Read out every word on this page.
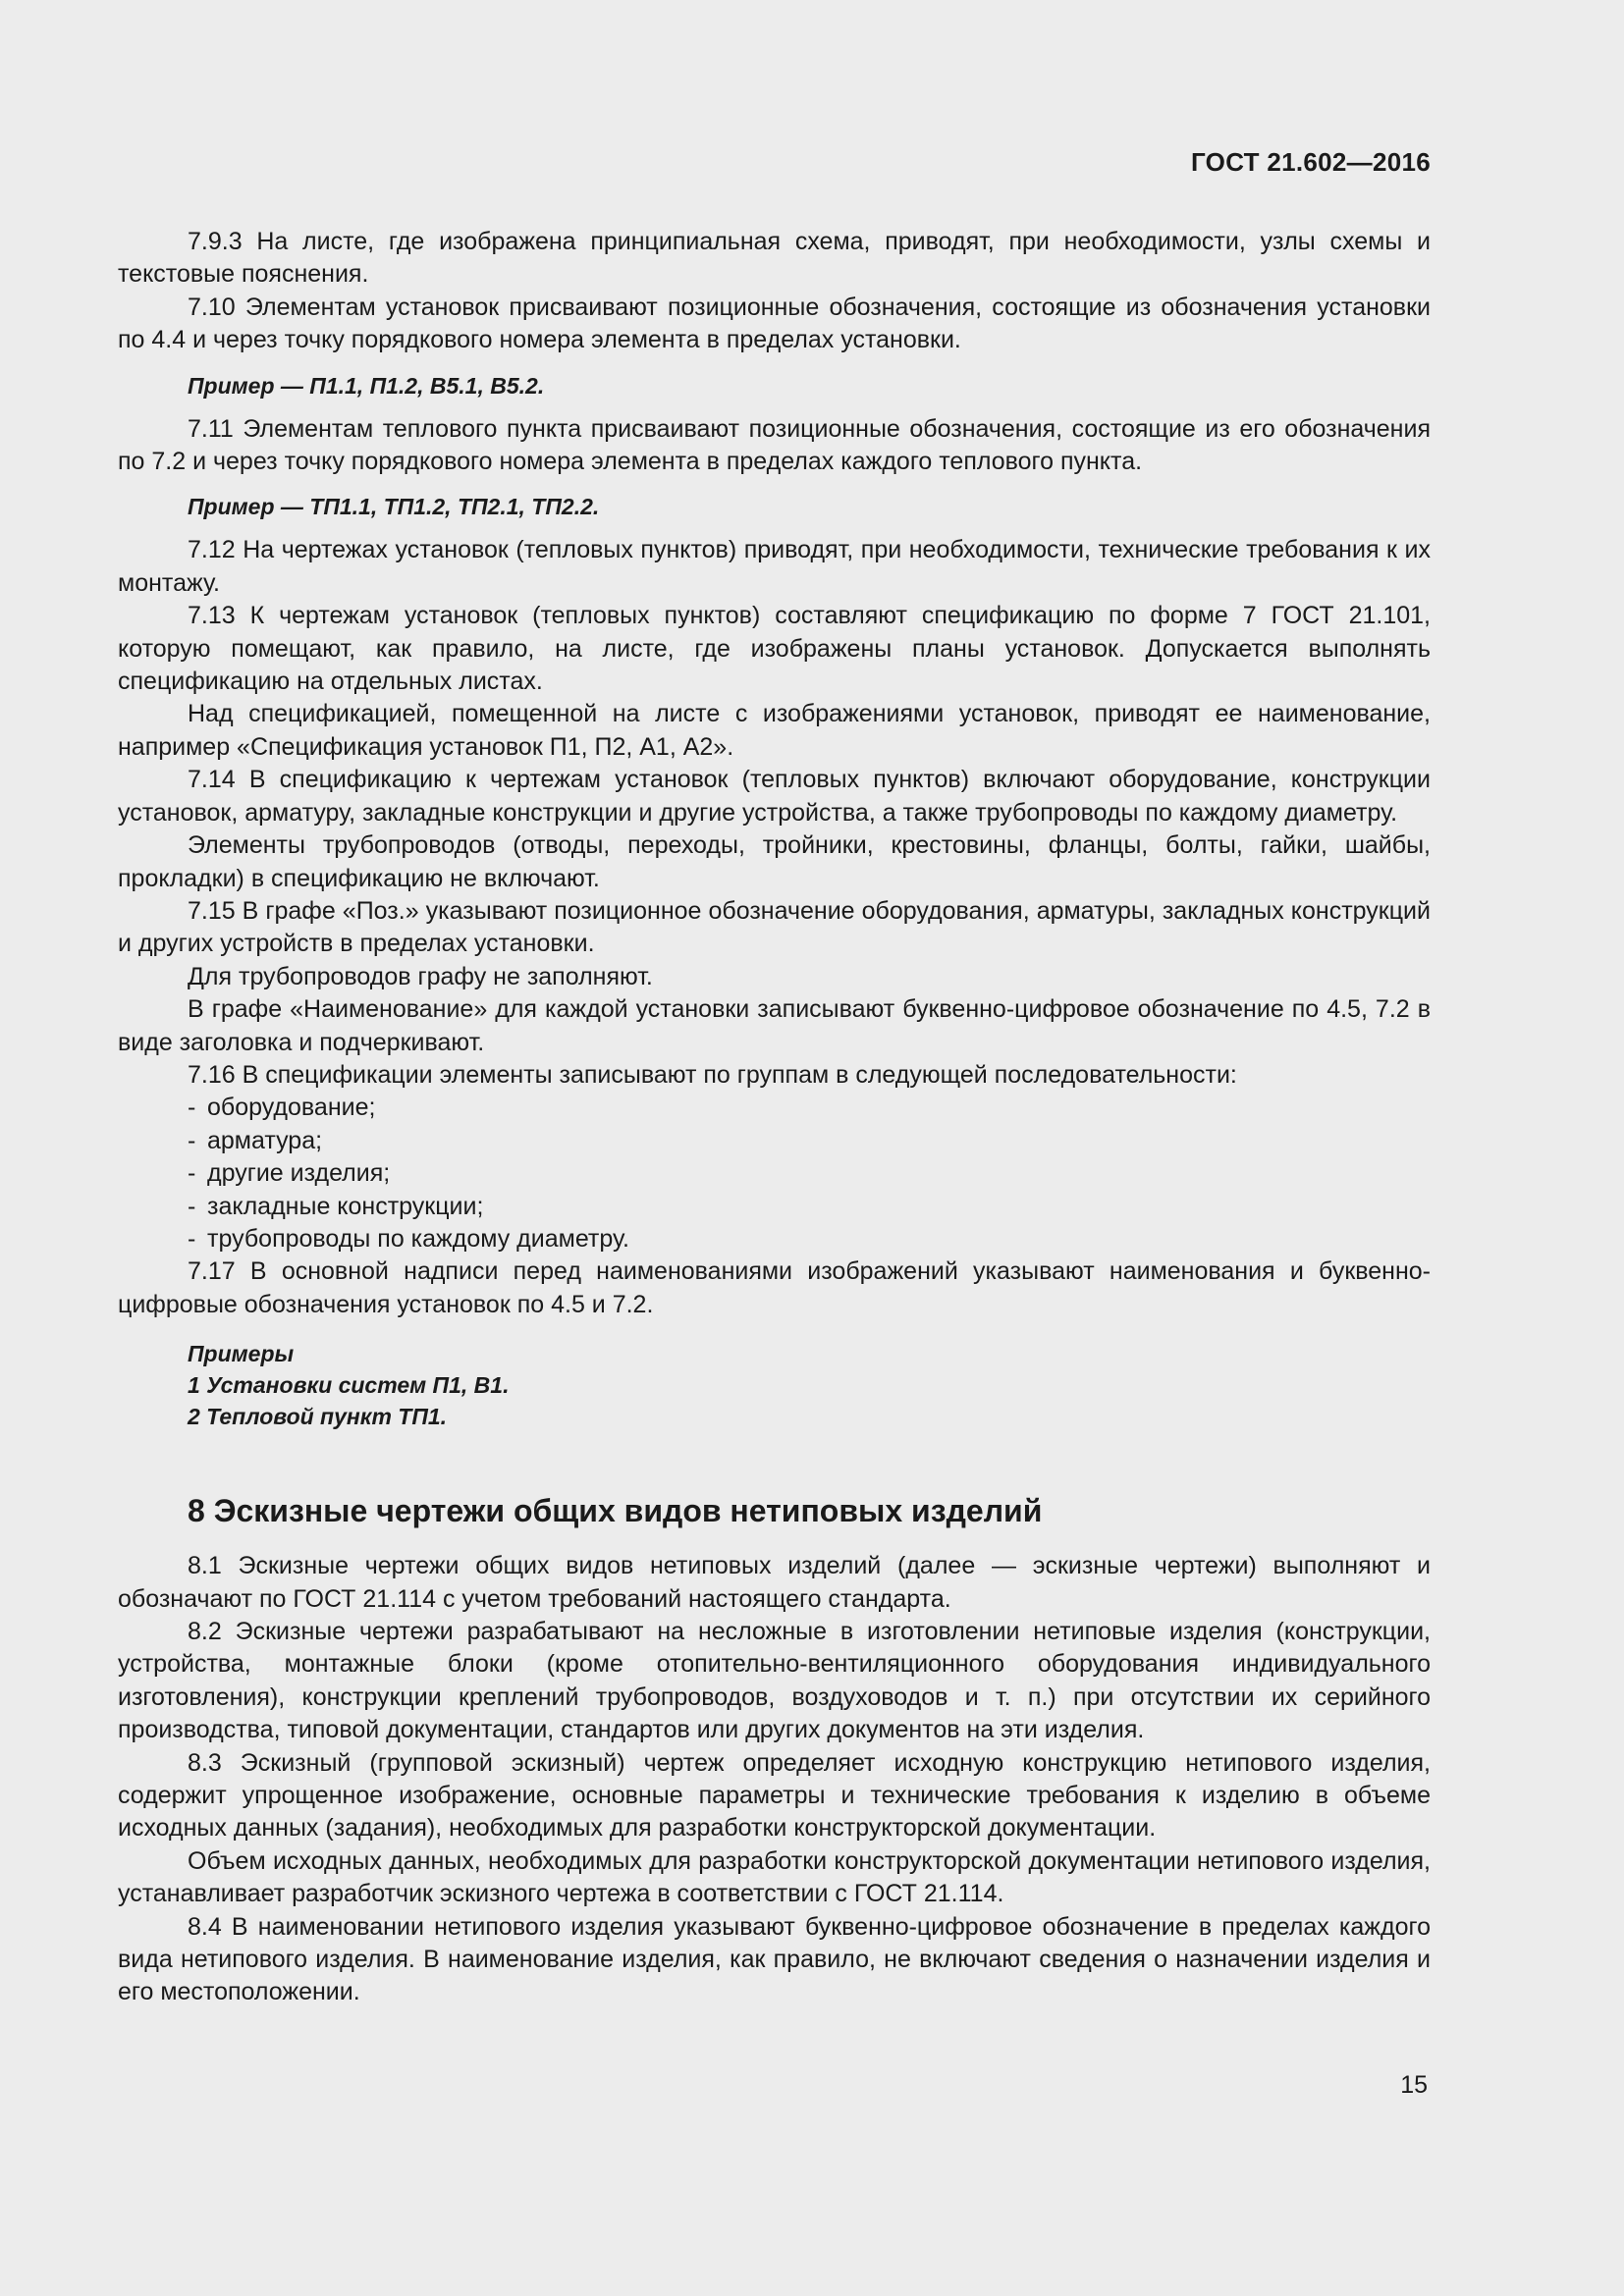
ГОСТ 21.602—2016

7.9.3 На листе, где изображена принципиальная схема, приводят, при необходимости, узлы схемы и текстовые пояснения.

7.10 Элементам установок присваивают позиционные обозначения, состоящие из обозначения установки по 4.4 и через точку порядкового номера элемента в пределах установки.

Пример — П1.1, П1.2, В5.1, В5.2.

7.11 Элементам теплового пункта присваивают позиционные обозначения, состоящие из его обозначения по 7.2 и через точку порядкового номера элемента в пределах каждого теплового пункта.

Пример — ТП1.1, ТП1.2, ТП2.1, ТП2.2.

7.12 На чертежах установок (тепловых пунктов) приводят, при необходимости, технические требования к их монтажу.

7.13 К чертежам установок (тепловых пунктов) составляют спецификацию по форме 7 ГОСТ 21.101, которую помещают, как правило, на листе, где изображены планы установок. Допускается выполнять спецификацию на отдельных листах.

Над спецификацией, помещенной на листе с изображениями установок, приводят ее наименование, например «Спецификация установок П1, П2, А1, А2».

7.14 В спецификацию к чертежам установок (тепловых пунктов) включают оборудование, конструкции установок, арматуру, закладные конструкции и другие устройства, а также трубопроводы по каждому диаметру.

Элементы трубопроводов (отводы, переходы, тройники, крестовины, фланцы, болты, гайки, шайбы, прокладки) в спецификацию не включают.

7.15 В графе «Поз.» указывают позиционное обозначение оборудования, арматуры, закладных конструкций и других устройств в пределах установки.

Для трубопроводов графу не заполняют.

В графе «Наименование» для каждой установки записывают буквенно-цифровое обозначение по 4.5, 7.2 в виде заголовка и подчеркивают.

7.16 В спецификации элементы записывают по группам в следующей последовательности:

- оборудование;
- арматура;
- другие изделия;
- закладные конструкции;
- трубопроводы по каждому диаметру.

7.17 В основной надписи перед наименованиями изображений указывают наименования и буквенно-цифровые обозначения установок по 4.5 и 7.2.

Примеры
1 Установки систем П1, В1.
2 Тепловой пункт ТП1.
8 Эскизные чертежи общих видов нетиповых изделий

8.1 Эскизные чертежи общих видов нетиповых изделий (далее — эскизные чертежи) выполняют и обозначают по ГОСТ 21.114 с учетом требований настоящего стандарта.

8.2 Эскизные чертежи разрабатывают на несложные в изготовлении нетиповые изделия (конструкции, устройства, монтажные блоки (кроме отопительно-вентиляционного оборудования индивидуального изготовления), конструкции креплений трубопроводов, воздуховодов и т. п.) при отсутствии их серийного производства, типовой документации, стандартов или других документов на эти изделия.

8.3 Эскизный (групповой эскизный) чертеж определяет исходную конструкцию нетипового изделия, содержит упрощенное изображение, основные параметры и технические требования к изделию в объеме исходных данных (задания), необходимых для разработки конструкторской документации.

Объем исходных данных, необходимых для разработки конструкторской документации нетипового изделия, устанавливает разработчик эскизного чертежа в соответствии с ГОСТ 21.114.

8.4 В наименовании нетипового изделия указывают буквенно-цифровое обозначение в пределах каждого вида нетипового изделия. В наименование изделия, как правило, не включают сведения о назначении изделия и его местоположении.

15
